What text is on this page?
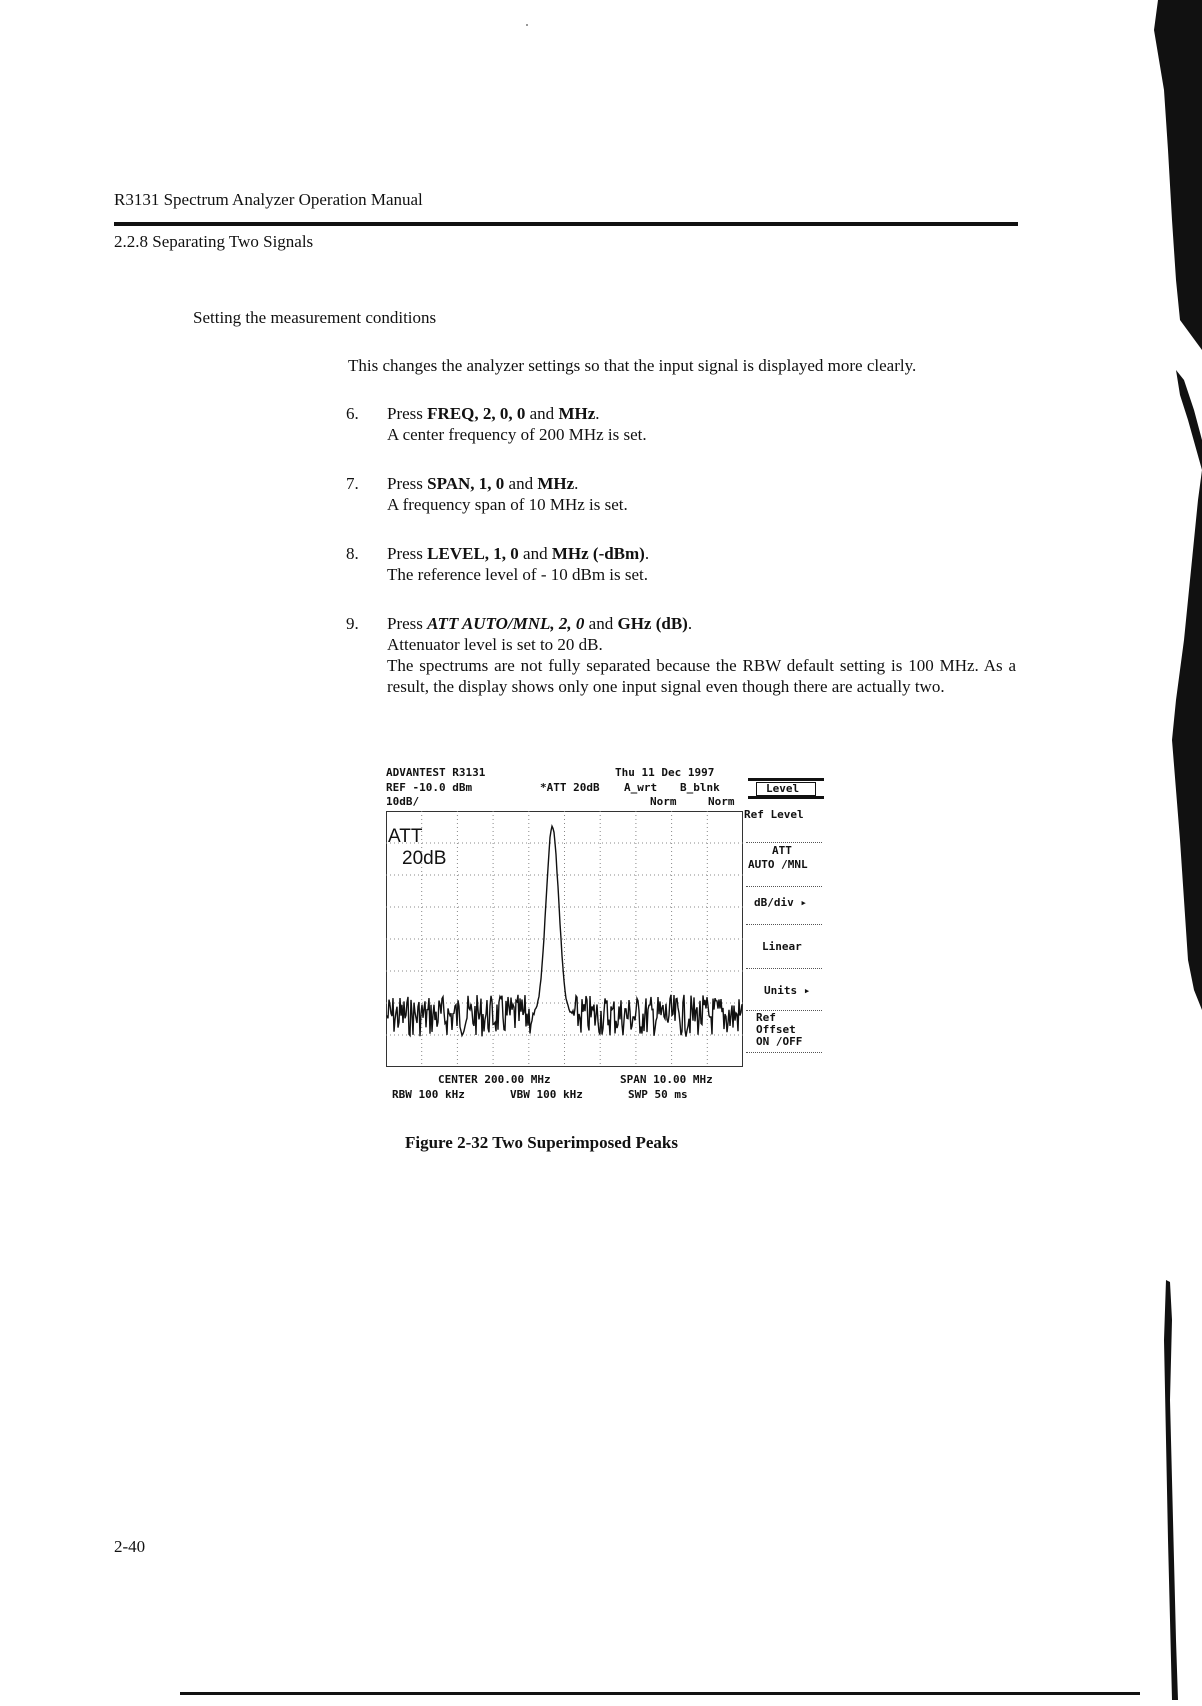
R3131 Spectrum Analyzer Operation Manual
2.2.8 Separating Two Signals
Setting the measurement conditions
This changes the analyzer settings so that the input signal is displayed more clearly.
6. Press FREQ, 2, 0, 0 and MHz.
A center frequency of 200 MHz is set.
7. Press SPAN, 1, 0 and MHz.
A frequency span of 10 MHz is set.
8. Press LEVEL, 1, 0 and MHz (-dBm).
The reference level of - 10 dBm is set.
9. Press ATT AUTO/MNL, 2, 0 and GHz (dB).
Attenuator level is set to 20 dB.
The spectrums are not fully separated because the RBW default setting is 100 MHz. As a result, the display shows only one input signal even though there are actually two.
ADVANTEST R3131	Thu 11 Dec 1997
REF -10.0 dBm	*ATT 20dB A_wrt B_blnk
10dB/	Norm	Norm
ATT
20dB
CENTER 200.00 MHz	SPAN 10.00 MHz
RBW 100 kHz	VBW 100 kHz	SWP 50 ms
Level
Ref Level
ATT
AUTO /MNL
dB/div ▸
Linear
Units ▸
Ref
Offset
ON /OFF
Figure 2-32 Two Superimposed Peaks
2-40
